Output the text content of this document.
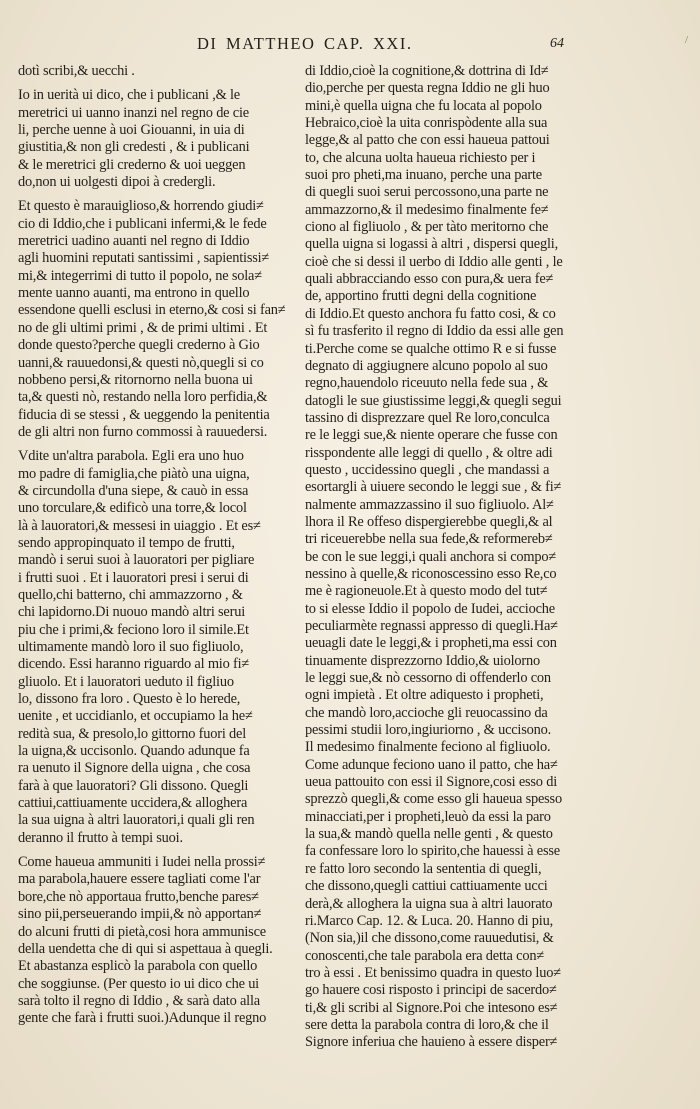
DI MATTHEO CAP. XXI.	64	/
dotì scribi,& uecchi .
Io in uerità ui dico, che i publicani ,& le
meretrici ui uanno inanzi nel regno de cie
li, perche uenne à uoi Giouanni, in uia di
giustitia,& non gli credesti , & i publicani
& le meretrici gli crederno & uoi ueggen
do,non ui uolgesti dipoi à credergli.
Et questo è marauiglioso,& horrendo giudi≠
cio di Iddio,che i publicani infermi,& le fede
meretrici uadino auanti nel regno di Iddio
agli huomini reputati santissimi , sapientissi≠
mi,& integerrimi di tutto il popolo, ne sola≠
mente uanno auanti, ma entrono in quello
essendone quelli esclusi in eterno,& cosi si fan≠
no de gli ultimi primi , & de primi ultimi . Et
donde questo?perche quegli crederno à Gio
uanni,& rauuedonsi,& questi nò,quegli si co
nobbeno persi,& ritornorno nella buona ui
ta,& questi nò, restando nella loro perfidia,&
fiducia di se stessi , & ueggendo la penitentia
de gli altri non furno commossi à rauuedersi.
Vdite un'altra parabola. Egli era uno huo
mo padre di famiglia,che piàtò una uigna,
& circundolla d'una siepe, & cauò in essa
uno torculare,& edificò una torre,& locol
là à lauoratori,& messesi in uiaggio . Et es≠
sendo appropinquato il tempo de frutti,
mandò i serui suoi à lauoratori per pigliare
i frutti suoi . Et i lauoratori presi i serui di
quello,chi batterno, chi ammazzorno , &
chi lapidorno.Di nuouo mandò altri serui
piu che i primi,& feciono loro il simile.Et
ultimamente mandò loro il suo figliuolo,
dicendo. Essi haranno riguardo al mio fi≠
gliuolo. Et i lauoratori ueduto il figliuo
lo, dissono fra loro . Questo è lo herede,
uenite , et uccidianlo, et occupiamo la he≠
redità sua, & presolo,lo gittorno fuori del
la uigna,& uccisonlo. Quando adunque fa
ra uenuto il Signore della uigna , che cosa
farà à que lauoratori? Gli dissono. Quegli
cattiui,cattiuamente uccidera,& alloghera
la sua uigna à altri lauoratori,i quali gli ren
deranno il frutto à tempi suoi.
Come haueua ammuniti i Iudei nella prossi≠
ma parabola,hauere essere tagliati come l'ar
bore,che nò apportaua frutto,benche pares≠
sino pii,perseuerando impii,& nò apportan≠
do alcuni frutti di pietà,cosi hora ammunisce
della uendetta che di qui si aspettaua à quegli.
Et abastanza esplicò la parabola con quello
che soggiunse. (Per questo io ui dico che ui
sarà tolto il regno di Iddio , & sarà dato alla
gente che farà i frutti suoi.)Adunque il regno
di Iddio,cioè la cognitione,& dottrina di Id≠
dio,perche per questa regna Iddio ne gli huo
mini,è quella uigna che fu locata al popolo
Hebraico,cioè la uita conrispòdente alla sua
legge,& al patto che con essi haueua pattoui
to, che alcuna uolta haueua richiesto per i
suoi pro pheti,ma inuano, perche una parte
di quegli suoi serui percossono,una parte ne
ammazzorno,& il medesimo finalmente fe≠
ciono al figliuolo , & per tàto meritorno che
quella uigna si logassi à altri , dispersi quegli,
cioè che si dessi il uerbo di Iddio alle genti , le
quali abbracciando esso con pura,& uera fe≠
de, apportino frutti degni della cognitione
di Iddio.Et questo anchora fu fatto cosi, & co
sì fu trasferito il regno di Iddio da essi alle gen
ti.Perche come se qualche ottimo R e si fusse
degnato di aggiugnere alcuno popolo al suo
regno,hauendolo riceuuto nella fede sua , &
datogli le sue giustissime leggi,& quegli segui
tassino di disprezzare quel Re loro,conculca
re le leggi sue,& niente operare che fusse con
risspondente alle leggi di quello , & oltre adi
questo , uccidessino quegli , che mandassi a
esortargli à uiuere secondo le leggi sue , & fi≠
nalmente ammazzassino il suo figliuolo. Al≠
lhora il Re offeso dispergierebbe quegli,& al
tri riceuerebbe nella sua fede,& reformereb≠
be con le sue leggi,i quali anchora si compo≠
nessino à quelle,& riconoscessino esso Re,co
me è ragioneuole.Et à questo modo del tut≠
to si elesse Iddio il popolo de Iudei, accioche
peculiarmète regnassi appresso di quegli.Ha≠
ueuagli date le leggi,& i propheti,ma essi con
tinuamente disprezzorno Iddio,& uiolorno
le leggi sue,& nò cessorno di offenderlo con
ogni impietà . Et oltre adiquesto i propheti,
che mandò loro,accioche gli reuocassino da
pessimi studii loro,ingiuriorno , & uccisono.
Il medesimo finalmente feciono al figliuolo.
Come adunque feciono uano il patto, che ha≠
ueua pattouito con essi il Signore,cosi esso di
sprezzò quegli,& come esso gli haueua spesso
minacciati,per i propheti,leuò da essi la paro
la sua,& mandò quella nelle genti , & questo
fa confessare loro lo spirito,che hauessi à esse
re fatto loro secondo la sententia di quegli,
che dissono,quegli cattiui cattiuamente ucci
derà,& alloghera la uigna sua à altri lauorato
ri.Marco Cap. 12. & Luca. 20. Hanno di piu,
(Non sia,)il che dissono,come rauuedutisi, &
conoscenti,che tale parabola era detta con≠
tro à essi . Et benissimo quadra in questo luo≠
go hauere cosi risposto i principi de sacerdo≠
ti,& gli scribi al Signore.Poi che intesono es≠
sere detta la parabola contra di loro,& che il
Signore inferiua che hauieno à essere disper≠
